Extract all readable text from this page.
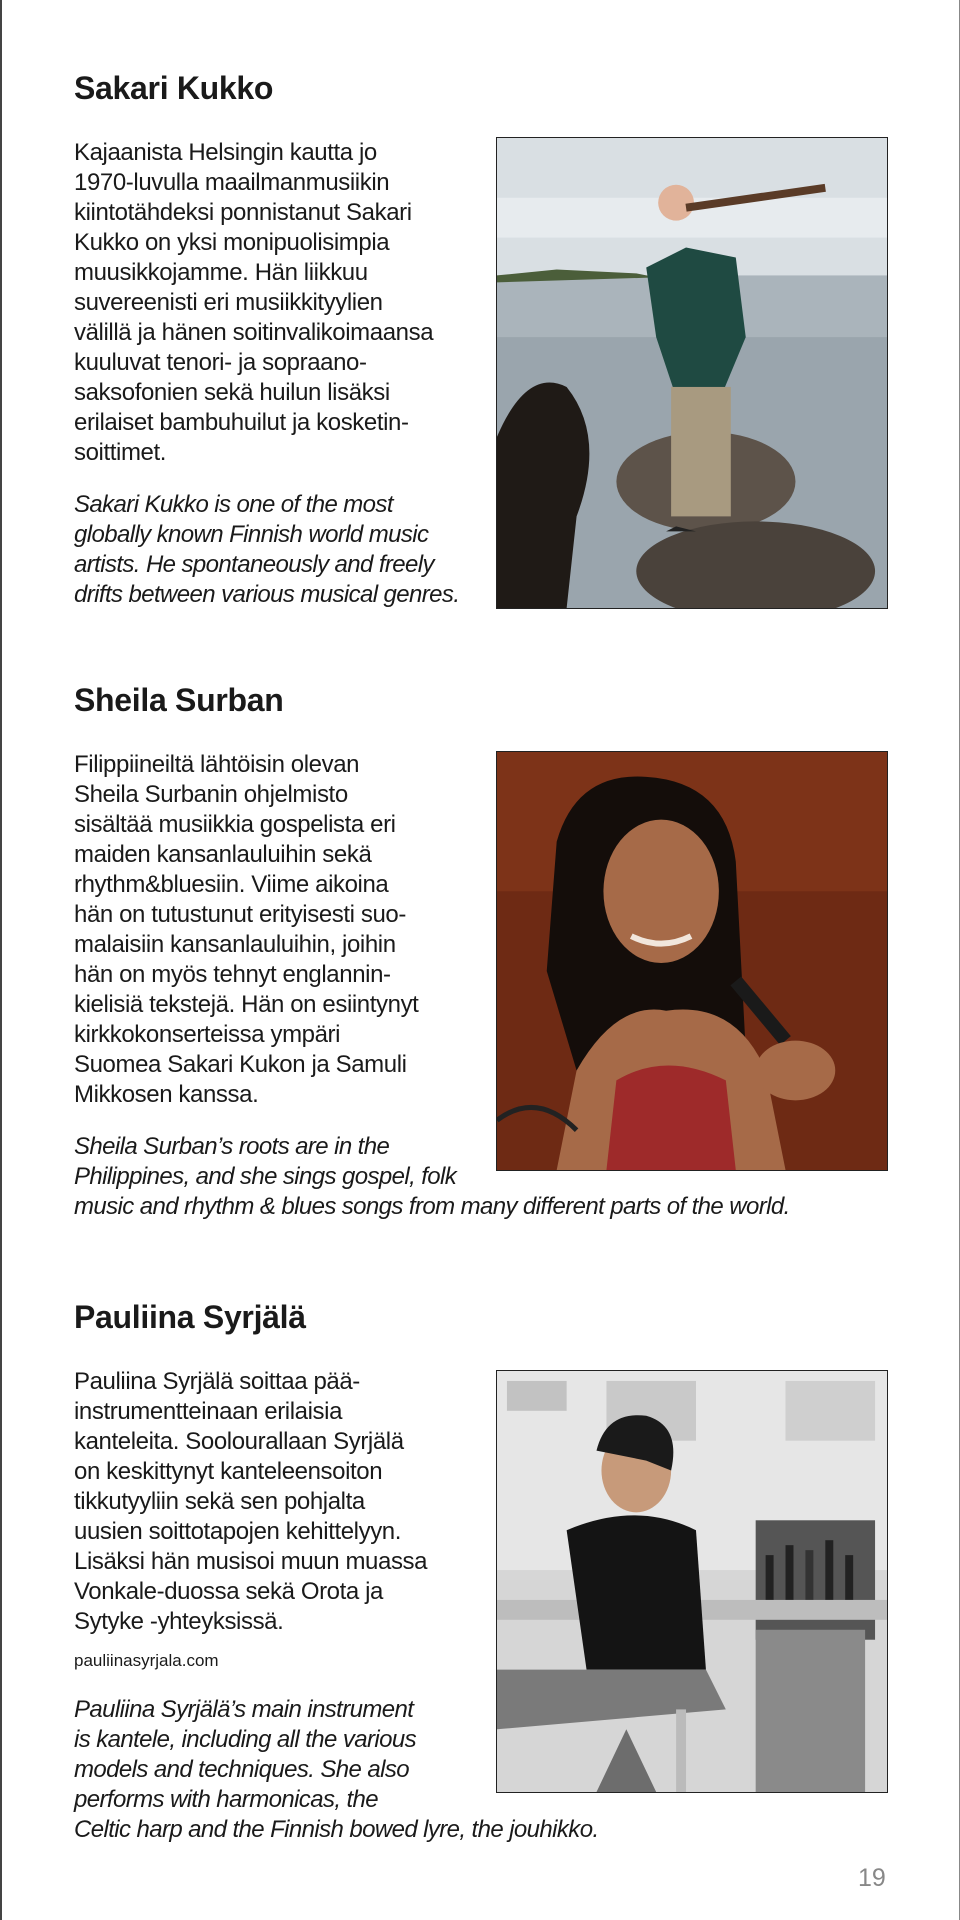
Sakari Kukko

Kajaanista Helsingin kautta jo
1970-luvulla maailmanmusiikin
kiintotähdeksi ponnistanut Sakari
Kukko on yksi monipuolisimpia
muusikkojamme. Hän liikkuu
suvereenisti eri musiikkityylien
välillä ja hänen soitinvalikoimaansa
kuuluvat tenori- ja sopraano-
saksofonien sekä huilun lisäksi
erilaiset bambuhuilut ja kosketin-
soittimet.

Sakari Kukko is one of the most
globally known Finnish world music
artists. He spontaneously and freely
drifts between various musical genres.

Sheila Surban

Filippiineiltä lähtöisin olevan
Sheila Surbanin ohjelmisto
sisältää musiikkia gospelista eri
maiden kansanlauluihin sekä
rhythm&bluesiin. Viime aikoina
hän on tutustunut erityisesti suo-
malaisiin kansanlauluihin, joihin
hän on myös tehnyt englannin-
kielisiä tekstejä. Hän on esiintynyt
kirkkokonserteissa ympäri
Suomea Sakari Kukon ja Samuli
Mikkosen kanssa.

Sheila Surban’s roots are in the
Philippines, and she sings gospel, folk
music and rhythm & blues songs from many different parts of the world.

Pauliina Syrjälä

Pauliina Syrjälä soittaa pää-
instrumentteinaan erilaisia
kanteleita. Soolourallaan Syrjälä
on keskittynyt kanteleensoiton
tikkutyyliin sekä sen pohjalta
uusien soittotapojen kehittelyyn.
Lisäksi hän musisoi muun muassa
Vonkale-duossa sekä Orota ja
Sytyke -yhteyksissä.

pauliinasyrjala.com

Pauliina Syrjälä’s main instrument
is kantele, including all the various
models and techniques. She also
performs with harmonicas, the
Celtic harp and the Finnish bowed lyre, the jouhikko.

19
